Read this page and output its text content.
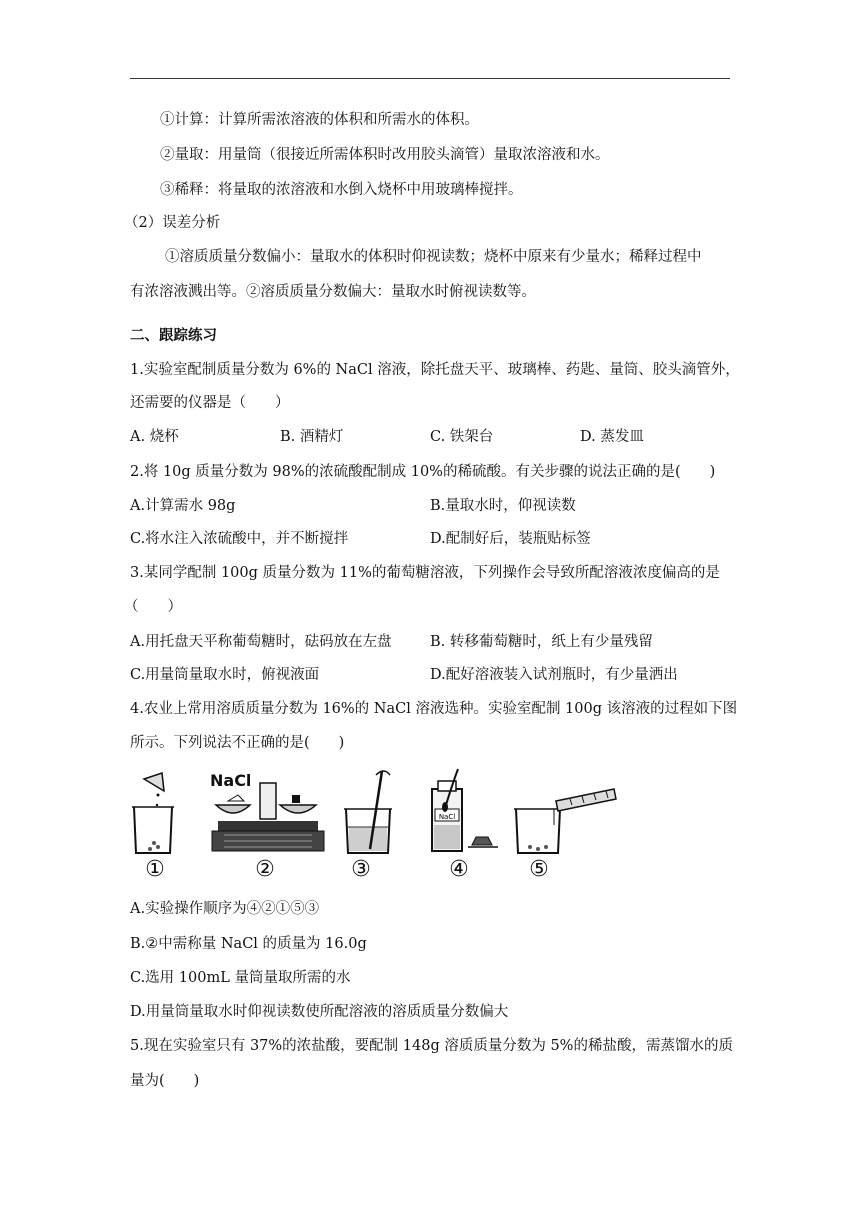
①计算：计算所需浓溶液的体积和所需水的体积。
②量取：用量筒（很接近所需体积时改用胶头滴管）量取浓溶液和水。
③稀释：将量取的浓溶液和水倒入烧杯中用玻璃棒搅拌。
（2）误差分析
①溶质质量分数偏小：量取水的体积时仰视读数；烧杯中原来有少量水；稀释过程中
有浓溶液溅出等。②溶质质量分数偏大：量取水时俯视读数等。
二、跟踪练习
1.实验室配制质量分数为 6%的 NaCl 溶液，除托盘天平、玻璃棒、药匙、量筒、胶头滴管外，
还需要的仪器是（　　）
A. 烧杯	B. 酒精灯	C. 铁架台	D. 蒸发皿
2.将 10g 质量分数为 98%的浓硫酸配制成 10%的稀硫酸。有关步骤的说法正确的是(　　)
A.计算需水 98g	B.量取水时，仰视读数
C.将水注入浓硫酸中，并不断搅拌	D.配制好后，装瓶贴标签
3.某同学配制 100g 质量分数为 11%的葡萄糖溶液，下列操作会导致所配溶液浓度偏高的是
（　　）
A.用托盘天平称葡萄糖时，砝码放在左盘	B. 转移葡萄糖时，纸上有少量残留
C.用量筒量取水时，俯视液面	D.配好溶液装入试剂瓶时，有少量洒出
4.农业上常用溶质质量分数为 16%的 NaCl 溶液选种。实验室配制 100g 该溶液的过程如下图
所示。下列说法不正确的是(　　)
NaCl
NaCl
①	②	③	④	⑤
A.实验操作顺序为④②①⑤③
B.②中需称量 NaCl 的质量为 16.0g
C.选用 100mL 量筒量取所需的水
D.用量筒量取水时仰视读数使所配溶液的溶质质量分数偏大
5.现在实验室只有 37%的浓盐酸，要配制 148g 溶质质量分数为 5%的稀盐酸，需蒸馏水的质
量为(　　)
